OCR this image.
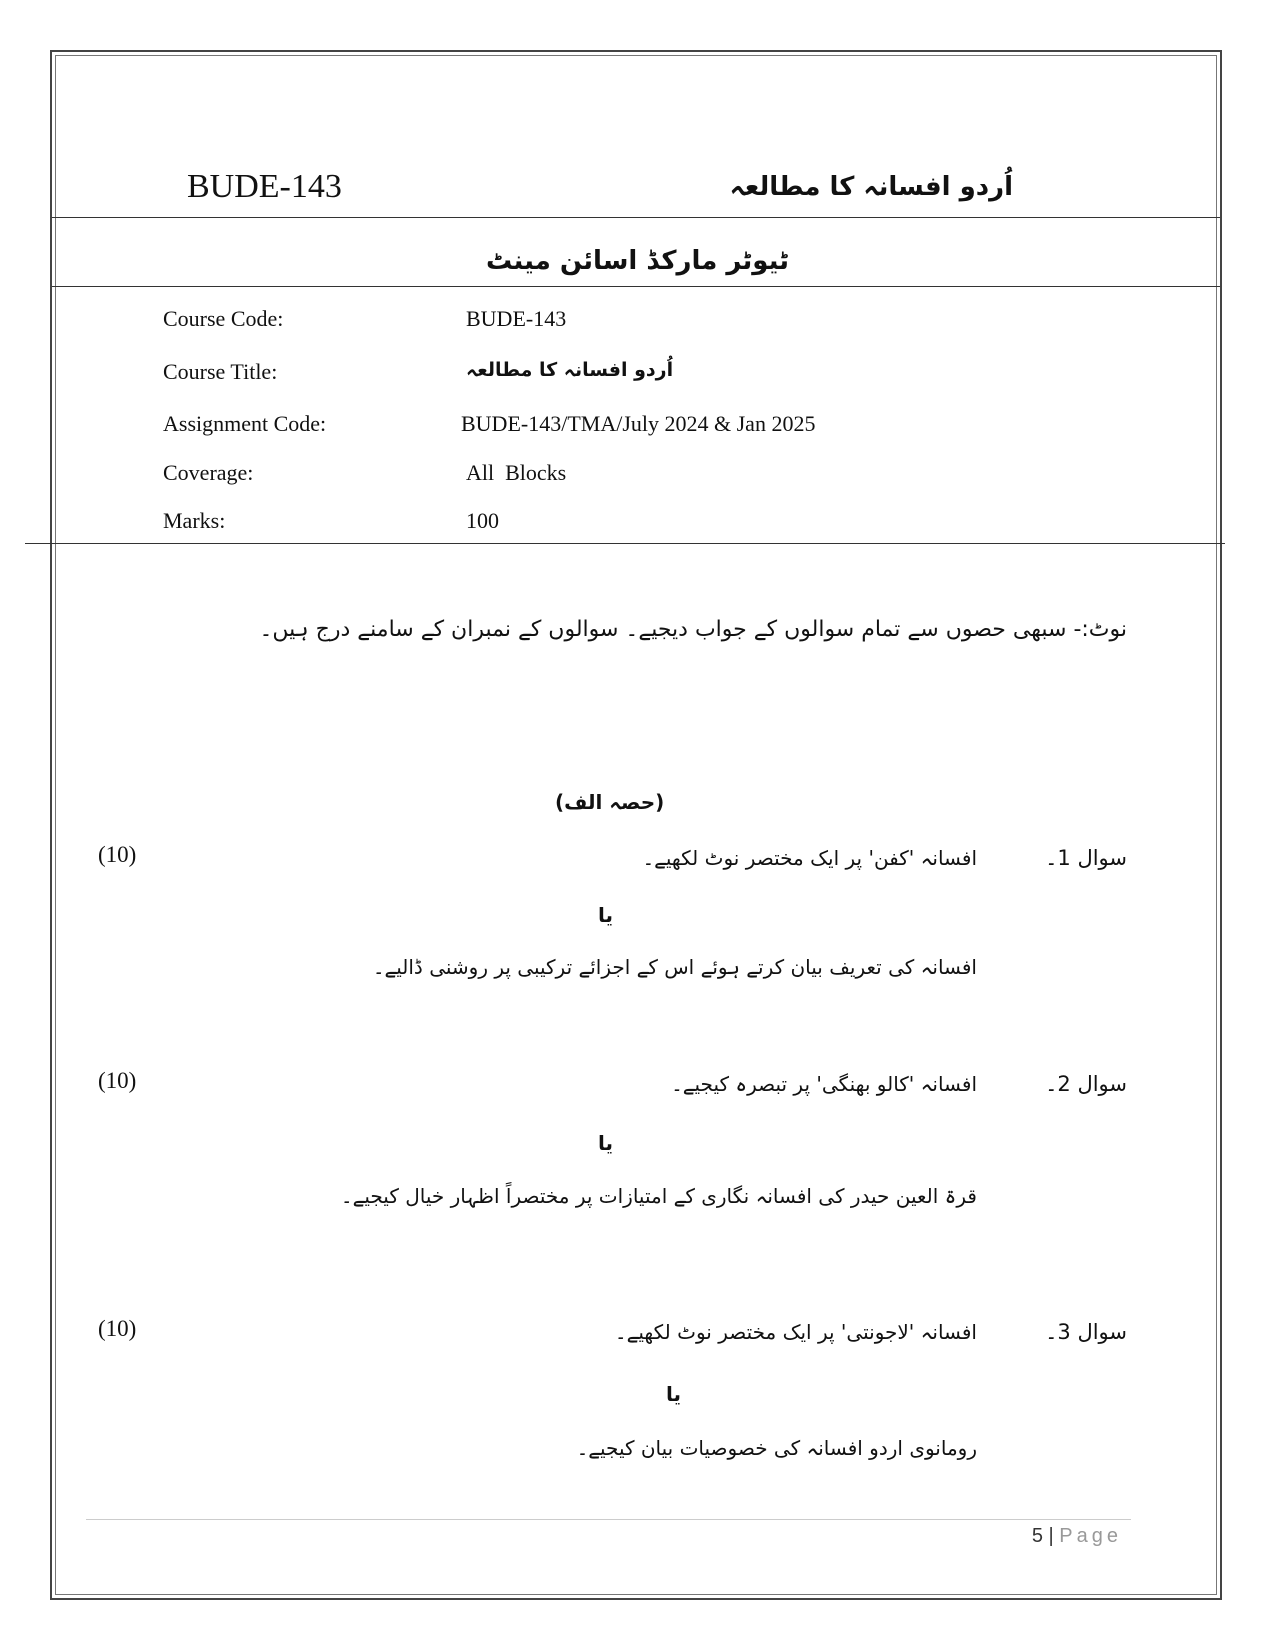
BUDE-143	اُردو افسانہ کا مطالعہ
ٹیوٹر مارکڈ اسائن مینٹ
Course Code:	BUDE-143
Course Title:	اُردو افسانہ کا مطالعہ
Assignment Code:	BUDE-143/TMA/July 2024 & Jan 2025
Coverage:	All  Blocks
Marks:	100
نوٹ:- سبھی حصوں سے تمام سوالوں کے جواب دیجیے۔ سوالوں کے نمبران کے سامنے درج ہیں۔
(حصہ الف)
(10)	افسانہ 'کفن' پر ایک مختصر نوٹ لکھیے۔	سوال 1۔
یا
افسانہ کی تعریف بیان کرتے ہوئے اس کے اجزائے ترکیبی پر روشنی ڈالیے۔
(10)	افسانہ 'کالو بھنگی' پر تبصرہ کیجیے۔	سوال 2۔
یا
قرۃ العین حیدر کی افسانہ نگاری کے امتیازات پر مختصراً اظہار خیال کیجیے۔
(10)	افسانہ 'لاجونتی' پر ایک مختصر نوٹ لکھیے۔	سوال 3۔
یا
رومانوی اردو افسانہ کی خصوصیات بیان کیجیے۔
5 | Page
